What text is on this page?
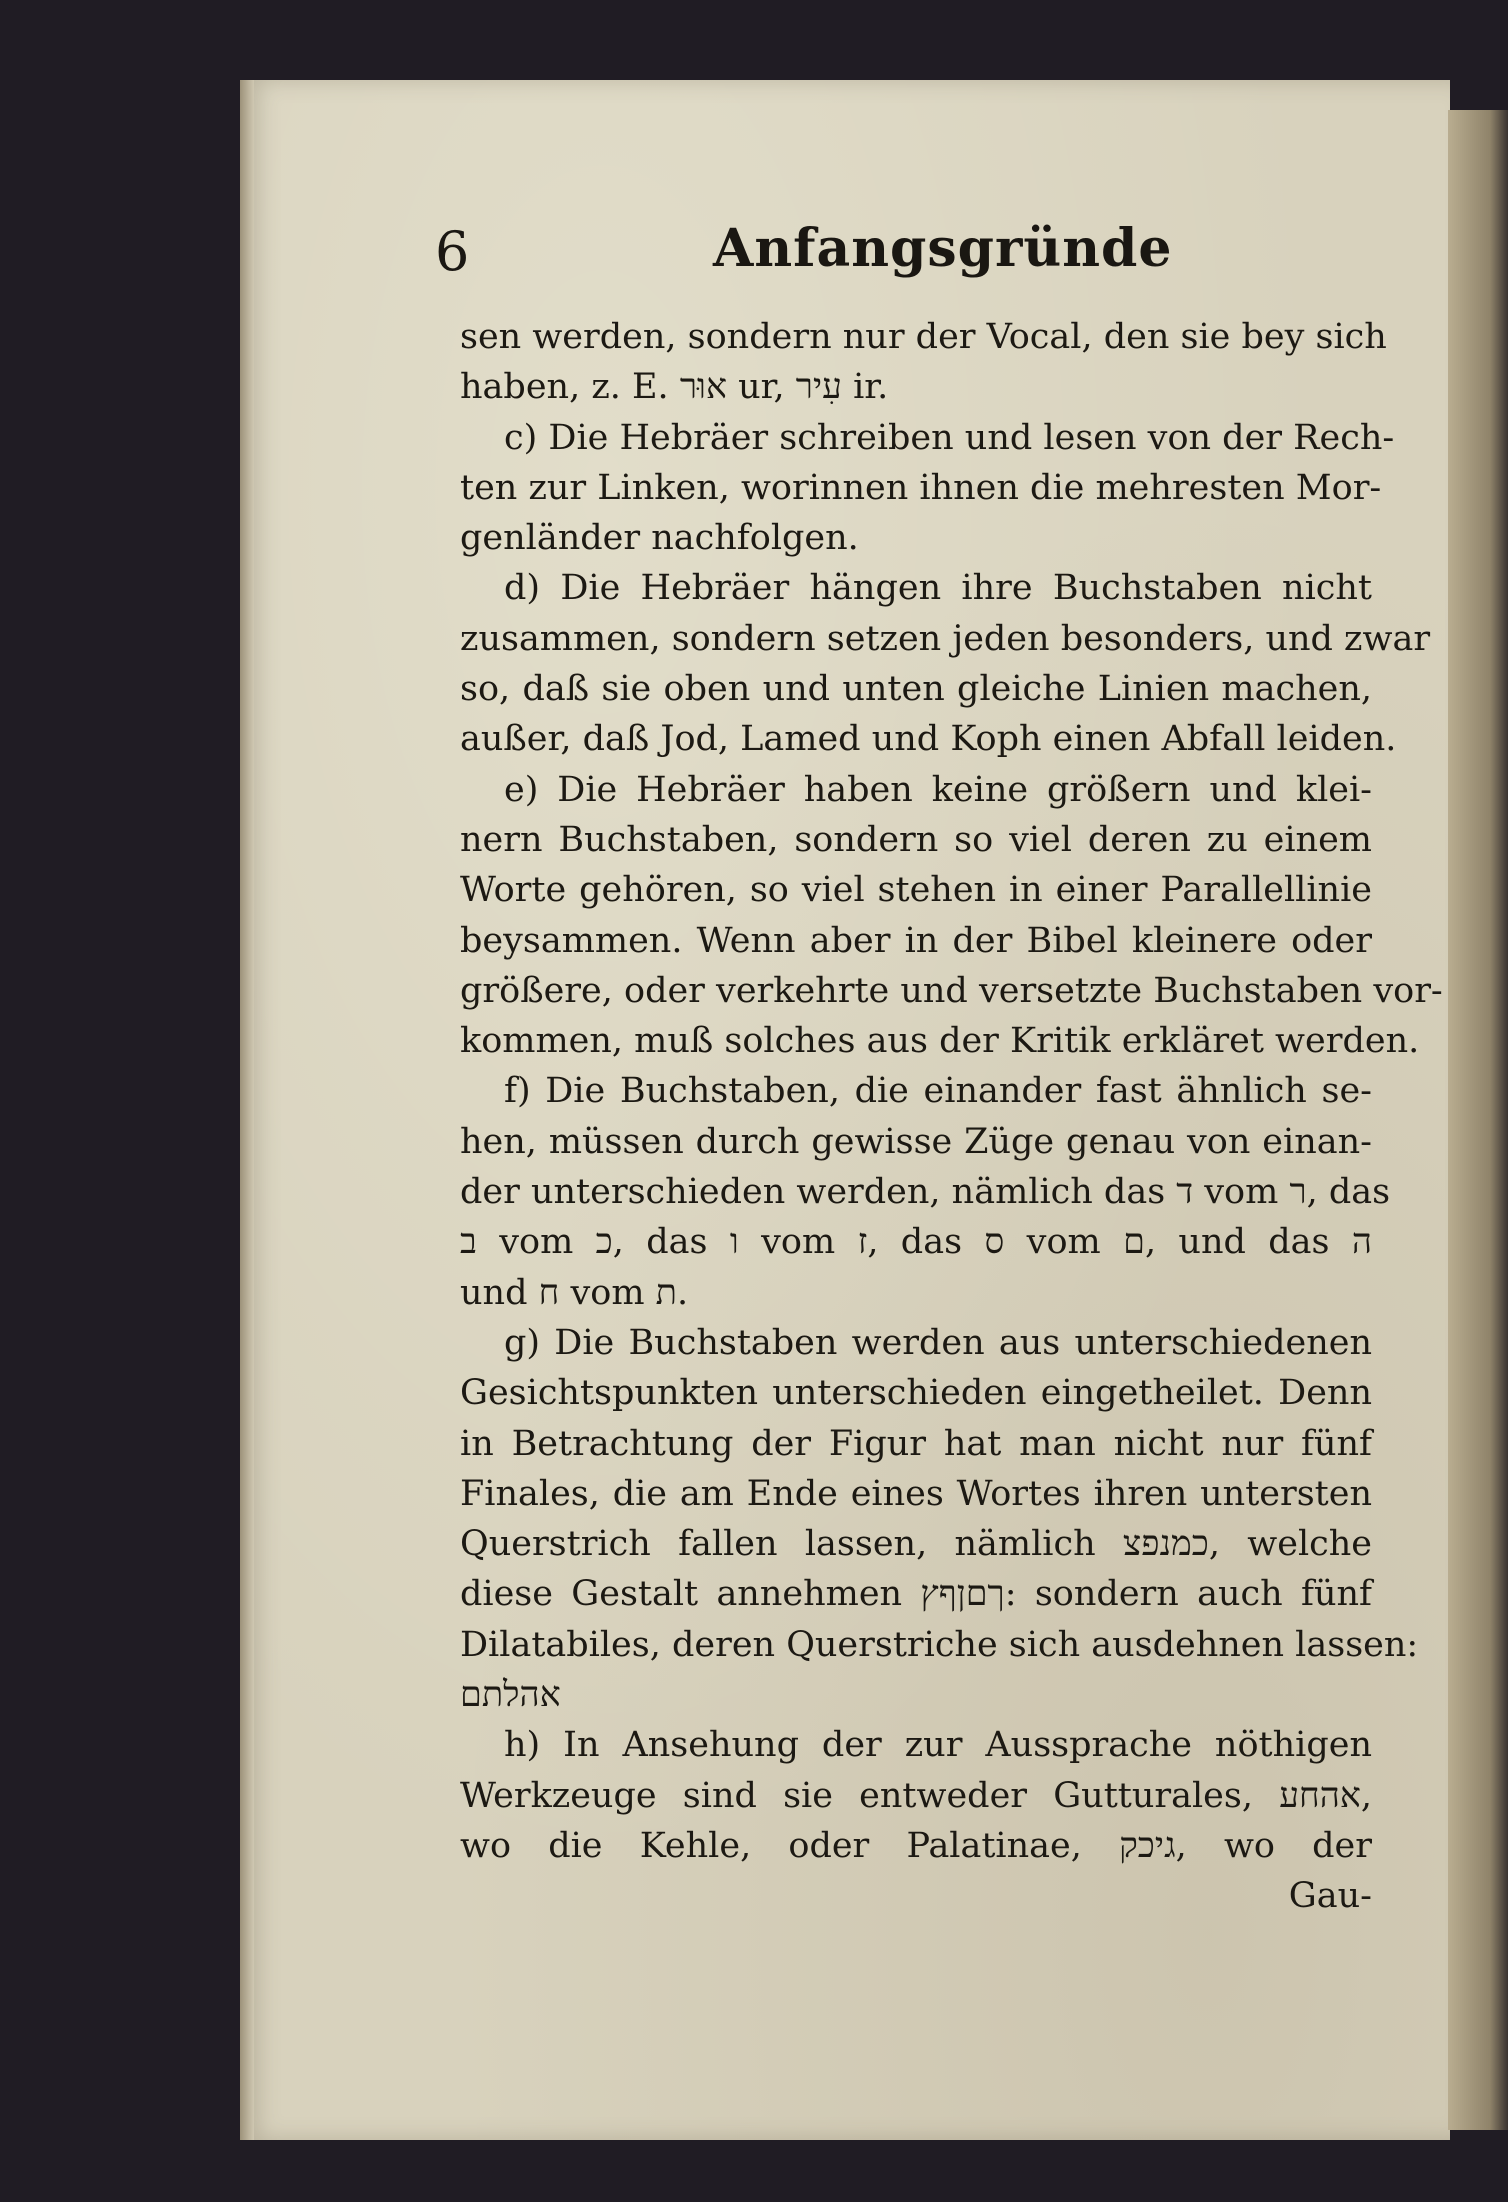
6	Anfangsgründe
sen werden, sondern nur der Vocal, den sie bey sich
haben, z. E. אוּר ur, עִיר ir.
c) Die Hebräer schreiben und lesen von der Rech-
ten zur Linken, worinnen ihnen die mehresten Mor-
genländer nachfolgen.
d) Die Hebräer hängen ihre Buchstaben nicht
zusammen, sondern setzen jeden besonders, und zwar
so, daß sie oben und unten gleiche Linien machen,
außer, daß Jod, Lamed und Koph einen Abfall leiden.
e) Die Hebräer haben keine größern und klei-
nern Buchstaben, sondern so viel deren zu einem
Worte gehören, so viel stehen in einer Parallellinie
beysammen. Wenn aber in der Bibel kleinere oder
größere, oder verkehrte und versetzte Buchstaben vor-
kommen, muß solches aus der Kritik erkläret werden.
f) Die Buchstaben, die einander fast ähnlich se-
hen, müssen durch gewisse Züge genau von einan-
der unterschieden werden, nämlich das ד vom ר, das
ב vom כ, das ו vom ז, das ס vom ם, und das ה
und ח vom ת.
g) Die Buchstaben werden aus unterschiedenen
Gesichtspunkten unterschieden eingetheilet. Denn
in Betrachtung der Figur hat man nicht nur fünf
Finales, die am Ende eines Wortes ihren untersten
Querstrich fallen lassen, nämlich כמנפצ, welche
diese Gestalt annehmen ךםןףץ: sondern auch fünf
Dilatabiles, deren Querstriche sich ausdehnen lassen:
אהלתם
h) In Ansehung der zur Aussprache nöthigen
Werkzeuge sind sie entweder Gutturales, אהחע,
wo die Kehle, oder Palatinae, גיכק, wo der
Gau-
